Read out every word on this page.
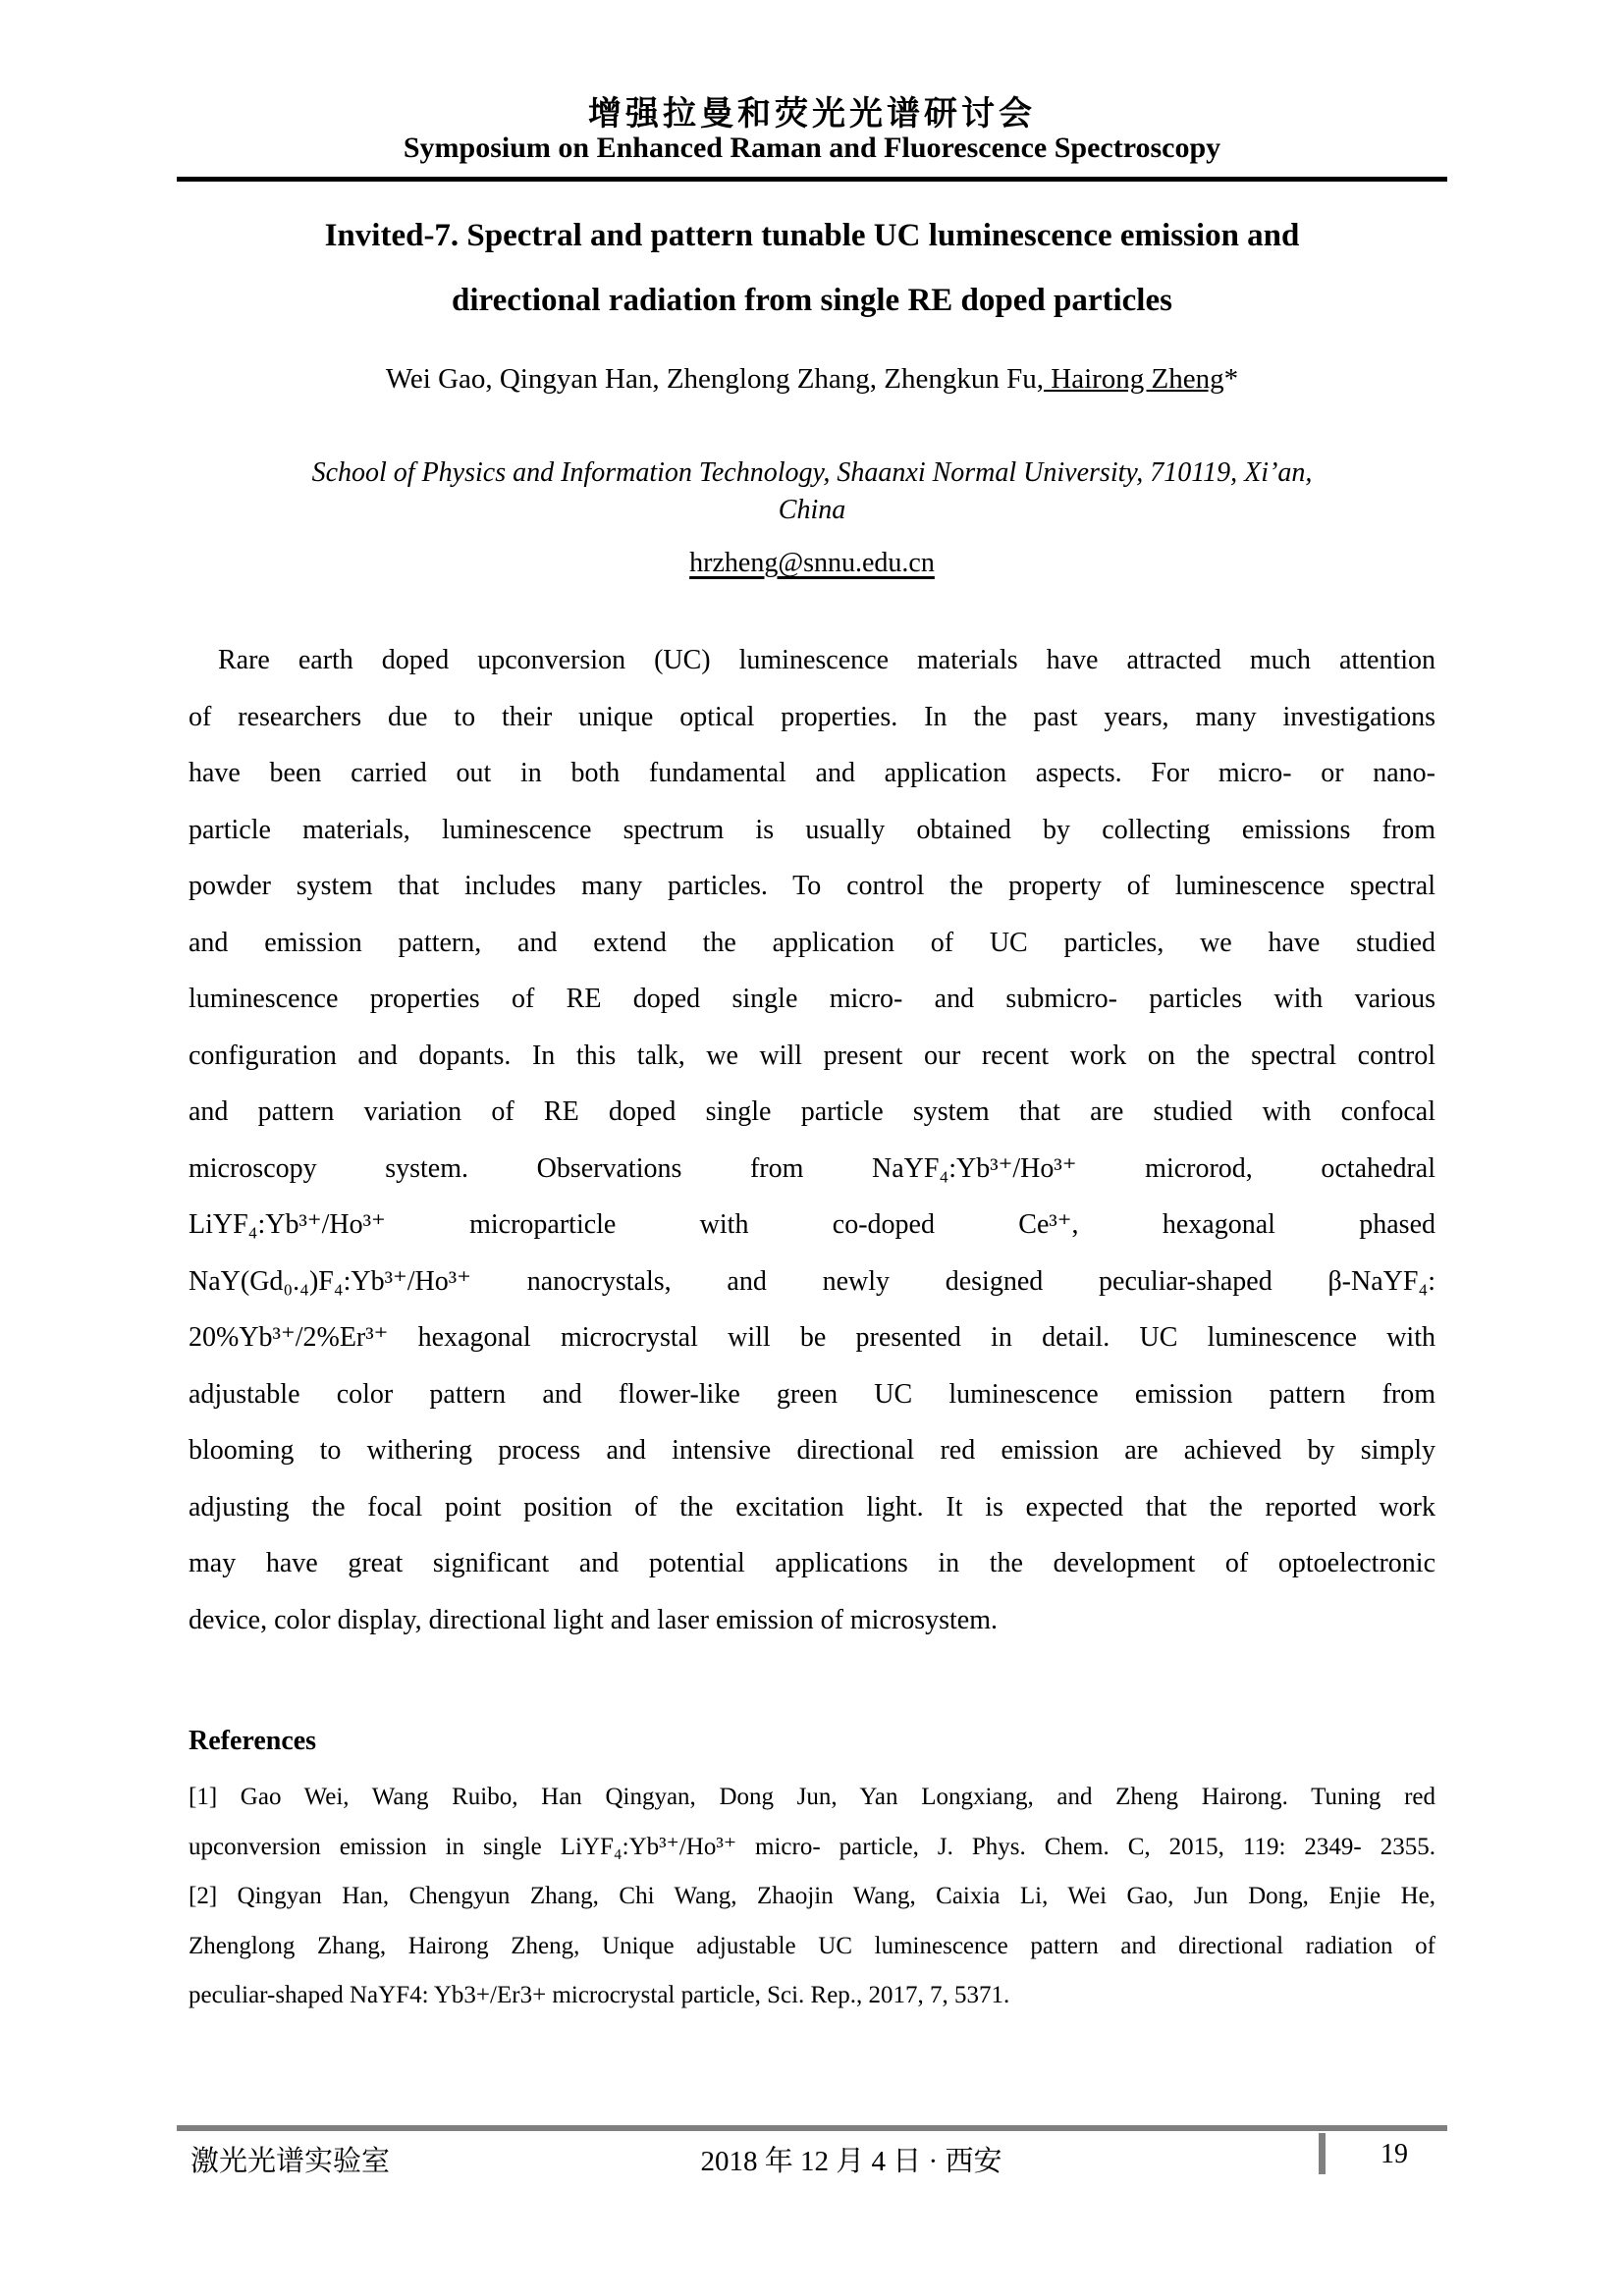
增强拉曼和荧光光谱研讨会
Symposium on Enhanced Raman and Fluorescence Spectroscopy
Invited-7. Spectral and pattern tunable UC luminescence emission and
directional radiation from single RE doped particles
Wei Gao, Qingyan Han, Zhenglong Zhang, Zhengkun Fu, Hairong Zheng*
School of Physics and Information Technology, Shaanxi Normal University, 710119, Xi’an,
China
hrzheng@snnu.edu.cn
Rare earth doped upconversion (UC) luminescence materials have attracted much attention
of researchers due to their unique optical properties. In the past years, many investigations
have been carried out in both fundamental and application aspects. For micro- or nano-
particle materials, luminescence spectrum is usually obtained by collecting emissions from
powder system that includes many particles. To control the property of luminescence spectral
and emission pattern, and extend the application of UC particles, we have studied
luminescence properties of RE doped single micro- and submicro- particles with various
configuration and dopants. In this talk, we will present our recent work on the spectral control
and pattern variation of RE doped single particle system that are studied with confocal
microscopy system. Observations from NaYF₄:Yb³⁺/Ho³⁺ microrod, octahedral
LiYF₄:Yb³⁺/Ho³⁺ microparticle with co-doped Ce³⁺, hexagonal phased
NaY(Gd₀.₄)F₄:Yb³⁺/Ho³⁺ nanocrystals, and newly designed peculiar-shaped β-NaYF₄:
20%Yb³⁺/2%Er³⁺ hexagonal microcrystal will be presented in detail. UC luminescence with
adjustable color pattern and flower-like green UC luminescence emission pattern from
blooming to withering process and intensive directional red emission are achieved by simply
adjusting the focal point position of the excitation light. It is expected that the reported work
may have great significant and potential applications in the development of optoelectronic
device, color display, directional light and laser emission of microsystem.
References
[1] Gao Wei, Wang Ruibo, Han Qingyan, Dong Jun, Yan Longxiang, and Zheng Hairong. Tuning red
upconversion emission in single LiYF₄:Yb³⁺/Ho³⁺ micro- particle, J. Phys. Chem. C, 2015, 119: 2349- 2355.
[2] Qingyan Han, Chengyun Zhang, Chi Wang, Zhaojin Wang, Caixia Li, Wei Gao, Jun Dong, Enjie He,
Zhenglong Zhang, Hairong Zheng, Unique adjustable UC luminescence pattern and directional radiation of
peculiar-shaped NaYF4: Yb3+/Er3+ microcrystal particle, Sci. Rep., 2017, 7, 5371.
激光光谱实验室	2018 年 12 月 4 日 · 西安	19
